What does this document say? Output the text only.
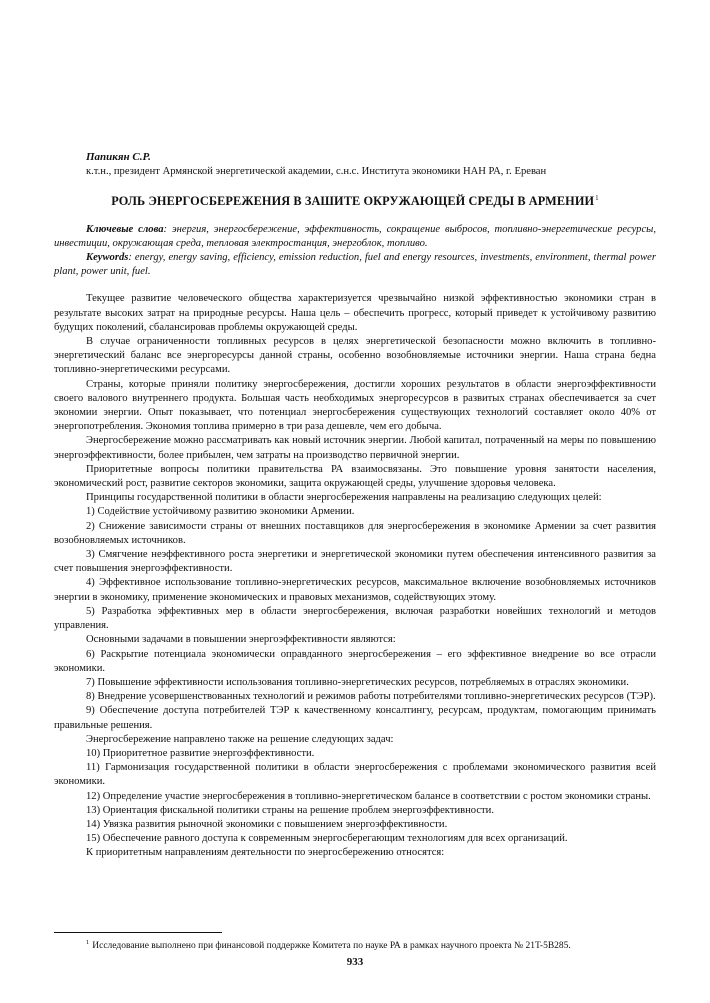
Папикян С.Р.
к.т.н., президент Армянской энергетической академии, с.н.с. Института экономики НАН РА, г. Ереван
РОЛЬ ЭНЕРГОСБЕРЕЖЕНИЯ В ЗАШИТЕ ОКРУЖАЮЩЕЙ СРЕДЫ В АРМЕНИИ$^1$
Ключевые слова: энергия, энергосбережение, эффективность, сокращение выбросов, топливно-энергетические ресурсы, инвестиции, окружающая среда, тепловая электростанция, энергоблок, топливо.
Keywords: energy, energy saving, efficiency, emission reduction, fuel and energy resources, investments, environment, thermal power plant, power unit, fuel.

Текущее развитие человеческого общества характеризуется чрезвычайно низкой эффективностью экономики стран в результате высоких затрат на природные ресурсы. Наша цель – обеспечить прогресс, который приведет к устойчивому развитию будущих поколений, сбалансировав проблемы окружающей среды.

В случае ограниченности топливных ресурсов в целях энергетической безопасности можно включить в топливно-энергетический баланс все энергоресурсы данной страны, особенно возобновляемые источники энергии. Наша страна бедна топливно-энергетическими ресурсами.

Страны, которые приняли политику энергосбережения, достигли хороших результатов в области энергоэффективности своего валового внутреннего продукта. Большая часть необходимых энергоресурсов в развитых странах обеспечивается за счет экономии энергии. Опыт показывает, что потенциал энергосбережения существующих технологий составляет около 40% от энергопотребления. Экономия топлива примерно в три раза дешевле, чем его добыча.

Энергосбережение можно рассматривать как новый источник энергии. Любой капитал, потраченный на меры по повышению энергоэффективности, более прибылен, чем затраты на производство первичной энергии.

Приоритетные вопросы политики правительства РА взаимосвязаны. Это повышение уровня занятости населения, экономический рост, развитие секторов экономики, защита окружающей среды, улучшение здоровья человека.

Принципы государственной политики в области энергосбережения направлены на реализацию следующих целей:

1) Содействие устойчивому развитию экономики Армении.

2) Снижение зависимости страны от внешних поставщиков для энергосбережения в экономике Армении за счет развития возобновляемых источников.

3) Смягчение неэффективного роста энергетики и энергетической экономики путем обеспечения интенсивного развития за счет повышения энергоэффективности.

4) Эффективное использование топливно-энергетических ресурсов, максимальное включение возобновляемых источников энергии в экономику, применение экономических и правовых механизмов, содействующих этому.

5) Разработка эффективных мер в области энергосбережения, включая разработки новейших технологий и методов управления.

Основными задачами в повышении энергоэффективности являются:

6) Раскрытие потенциала экономически оправданного энергосбережения – его эффективное внедрение во все отрасли экономики.

7) Повышение эффективности использования топливно-энергетических ресурсов, потребляемых в отраслях экономики.

8) Внедрение усовершенствованных технологий и режимов работы потребителями топливно-энергетических ресурсов (ТЭР).

9) Обеспечение доступа потребителей ТЭР к качественному консалтингу, ресурсам, продуктам, помогающим принимать правильные решения.

Энергосбережение направлено также на решение следующих задач:

10) Приоритетное развитие энергоэффективности.

11) Гармонизация государственной политики в области энергосбережения с проблемами экономического развития всей экономики.

12) Определение участие энергосбережения в топливно-энергетическом балансе в соответствии с ростом экономики страны.

13) Ориентация фискальной политики страны на решение проблем энергоэффективности.

14) Увязка развития рыночной экономики с повышением энергоэффективности.

15) Обеспечение равного доступа к современным энергосберегающим технологиям для всех организаций.

К приоритетным направлениям деятельности по энергосбережению относятся:

$^1$ Исследование выполнено при финансовой поддержке Комитета по науке РА в рамках научного проекта № 21T-5B285.
933
